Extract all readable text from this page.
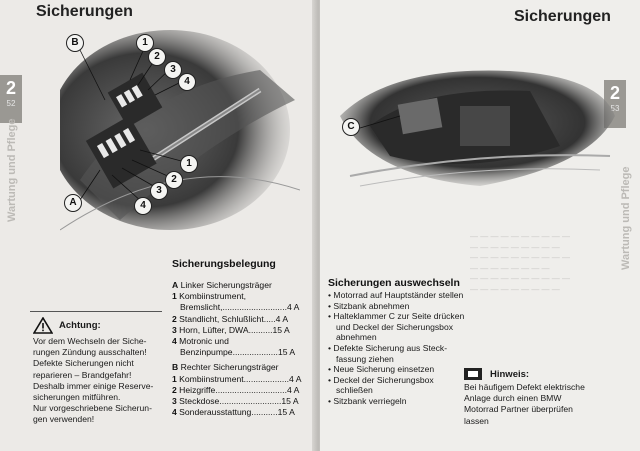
Sicherungen
2
52
Wartung und Pflege
B	1
2
3
4
A
1
2
3
4
Sicherungsbelegung
A Linker Sicherungsträger
1 Kombiinstrument,
Bremslicht,...........................4 A
2 Standlicht, Schlußlicht.....4 A
3 Horn, Lüfter, DWA..........15 A
4 Motronic und
Benzinpumpe...................15 A
B Rechter Sicherungsträger
1 Kombiinstrument...................4 A
2 Heizgriffe..............................4 A
3 Steckdose..........................15 A
4 Sonderausstattung...........15 A
Achtung:
Vor dem Wechseln der Siche-
rungen Zündung ausschalten!
Defekte Sicherungen nicht
reparieren – Brandgefahr!
Deshalb immer einige Reserve-
sicherungen mitführen.
Nur vorgeschriebene Sicherun-
gen verwenden!
Sicherungen
2
53
Wartung und Pflege
C
— — — — — — — — — —
— — — — — — — — —
— — — — — — — — — —
— — — — — — — —
— — — — — — — — — —
— — — — — — — — —
Sicherungen auswechseln
• Motorrad auf Hauptständer stellen
• Sitzbank abnehmen
• Halteklammer C zur Seite drücken und Deckel der Sicherungsbox abnehmen
• Defekte Sicherung aus Steck-fassung ziehen
• Neue Sicherung einsetzen
• Deckel der Sicherungsbox schließen
• Sitzbank verriegeln
Hinweis:
Bei häufigem Defekt elektrische
Anlage durch einen BMW
Motorrad Partner überprüfen
lassen
